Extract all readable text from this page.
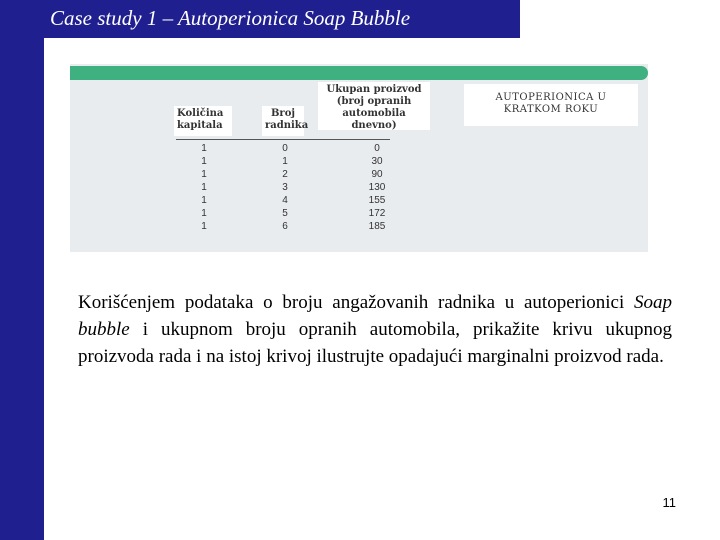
Case study 1 – Autoperionica Soap Bubble
Količina kapitala
Broj radnika
Ukupan proizvod (broj opranih automobila dnevno)
AUTOPERIONICA U KRATKOM ROKU
1
1
1
1
1
1
1
0
1
2
3
4
5
6
0
30
90
130
155
172
185
Korišćenjem podataka o broju angažovanih radnika u autoperionici Soap bubble i ukupnom broju opranih automobila, prikažite krivu ukupnog proizvoda rada i na istoj krivoj ilustrujte opadajući marginalni proizvod rada.
11
